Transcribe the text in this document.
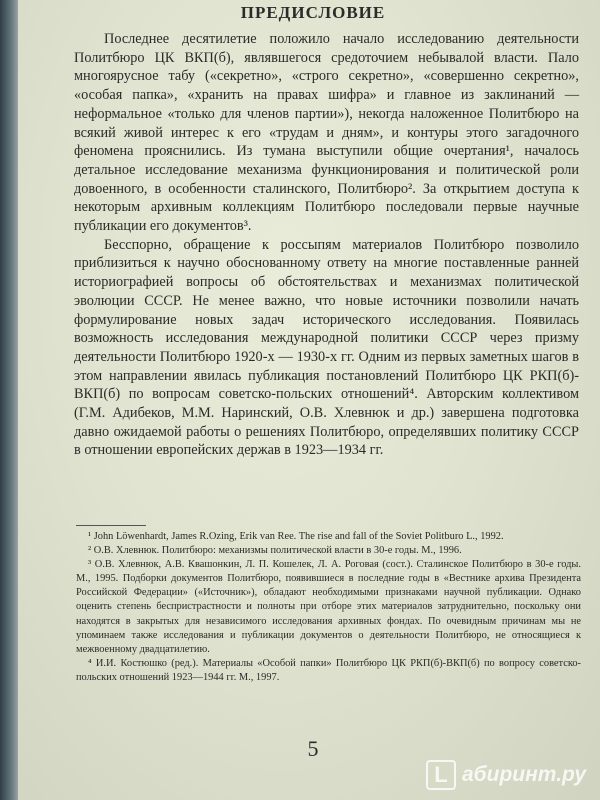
ПРЕДИСЛОВИЕ

Последнее десятилетие положило начало исследованию деятельности Политбюро ЦК ВКП(б), являвшегося средоточием небывалой власти. Пало многоярусное табу («секретно», «строго секретно», «совершенно секретно», «особая папка», «хранить на правах шифра» и главное из заклинаний — неформальное «только для членов партии»), некогда наложенное Политбюро на всякий живой интерес к его «трудам и дням», и контуры этого загадочного феномена прояснились. Из тумана выступили общие очертания¹, началось детальное исследование механизма функционирования и политической роли довоенного, в особенности сталинского, Политбюро². За открытием доступа к некоторым архивным коллекциям Политбюро последовали первые научные публикации его документов³.

Бесспорно, обращение к россыпям материалов Политбюро позволило приблизиться к научно обоснованному ответу на многие поставленные ранней историографией вопросы об обстоятельствах и механизмах политической эволюции СССР. Не менее важно, что новые источники позволили начать формулирование новых задач исторического исследования. Появилась возможность исследования международной политики СССР через призму деятельности Политбюро 1920-х — 1930-х гг. Одним из первых заметных шагов в этом направлении явилась публикация постановлений Политбюро ЦК РКП(б)-ВКП(б) по вопросам советско-польских отношений⁴. Авторским коллективом (Г.М. Адибеков, М.М. Наринский, О.В. Хлевнюк и др.) завершена подготовка давно ожидаемой работы о решениях Политбюро, определявших политику СССР в отношении европейских держав в 1923—1934 гг.

¹ John Löwenhardt, James R.Ozing, Erik van Ree. The rise and fall of the Soviet Politburo L., 1992.

² О.В. Хлевнюк. Политбюро: механизмы политической власти в 30-е годы. М., 1996.

³ О.В. Хлевнюк, А.В. Квашонкин, Л. П. Кошелек, Л. А. Роговая (сост.). Сталинское Политбюро в 30-е годы. М., 1995. Подборки документов Политбюро, появившиеся в последние годы в «Вестнике архива Президента Российской Федерации» («Источник»), обладают необходимыми признаками научной публикации. Однако оценить степень беспристрастности и полноты при отборе этих материалов затруднительно, поскольку они находятся в закрытых для независимого исследования архивных фондах. По очевидным причинам мы не упоминаем также исследования и публикации документов о деятельности Политбюро, не относящиеся к межвоенному двадцатилетию.

⁴ И.И. Костюшко (ред.). Материалы «Особой папки» Политбюро ЦК РКП(б)-ВКП(б) по вопросу советско-польских отношений 1923—1944 гг. М., 1997.

5
L абиринт.ру
